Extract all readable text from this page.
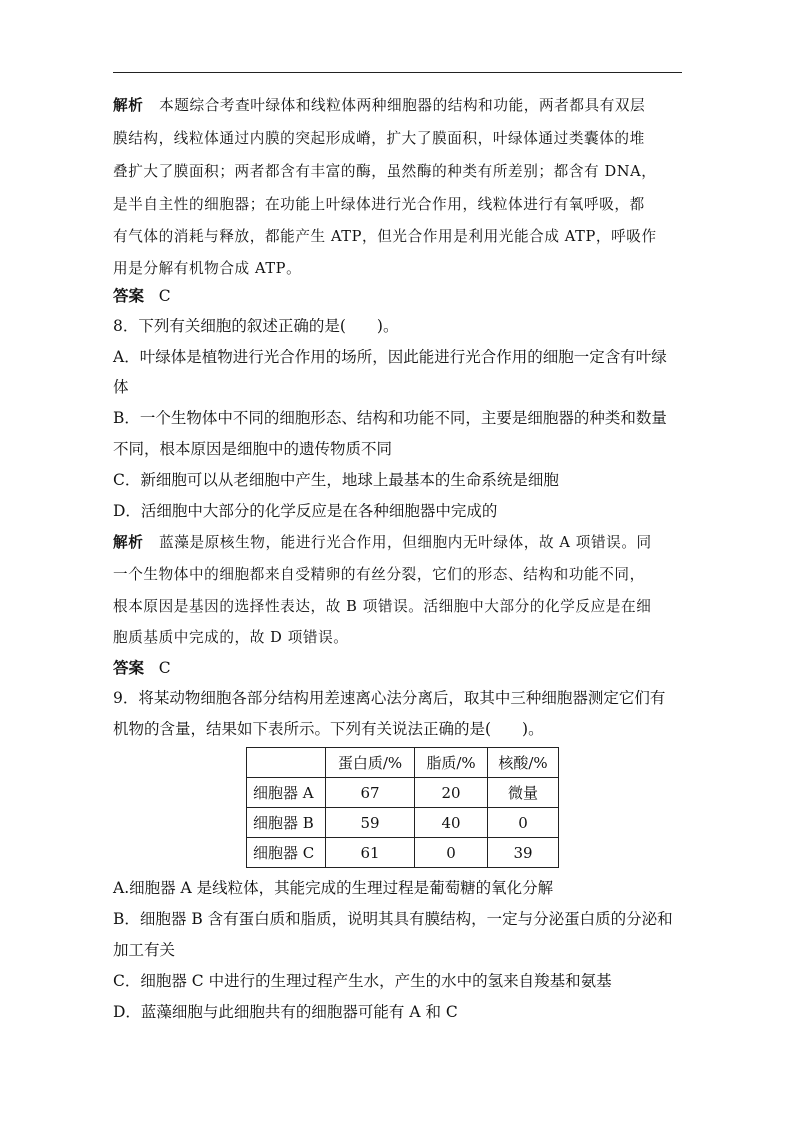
解析 本题综合考查叶绿体和线粒体两种细胞器的结构和功能，两者都具有双层
膜结构，线粒体通过内膜的突起形成嵴，扩大了膜面积，叶绿体通过类囊体的堆
叠扩大了膜面积；两者都含有丰富的酶，虽然酶的种类有所差别；都含有 DNA，
是半自主性的细胞器；在功能上叶绿体进行光合作用，线粒体进行有氧呼吸，都
有气体的消耗与释放，都能产生 ATP，但光合作用是利用光能合成 ATP，呼吸作
用是分解有机物合成 ATP。
答案 C
8．下列有关细胞的叙述正确的是(　　)。
A．叶绿体是植物进行光合作用的场所，因此能进行光合作用的细胞一定含有叶绿
体
B．一个生物体中不同的细胞形态、结构和功能不同，主要是细胞器的种类和数量
不同，根本原因是细胞中的遗传物质不同
C．新细胞可以从老细胞中产生，地球上最基本的生命系统是细胞
D．活细胞中大部分的化学反应是在各种细胞器中完成的
解析 蓝藻是原核生物，能进行光合作用，但细胞内无叶绿体，故 A 项错误。同
一个生物体中的细胞都来自受精卵的有丝分裂，它们的形态、结构和功能不同，
根本原因是基因的选择性表达，故 B 项错误。活细胞中大部分的化学反应是在细
胞质基质中完成的，故 D 项错误。
答案 C
9．将某动物细胞各部分结构用差速离心法分离后，取其中三种细胞器测定它们有
机物的含量，结果如下表所示。下列有关说法正确的是(　　)。
	蛋白质/%	脂质/%	核酸/%
细胞器 A	67	20	微量
细胞器 B	59	40	0
细胞器 C	61	0	39
A.细胞器 A 是线粒体，其能完成的生理过程是葡萄糖的氧化分解
B．细胞器 B 含有蛋白质和脂质，说明其具有膜结构，一定与分泌蛋白质的分泌和
加工有关
C．细胞器 C 中进行的生理过程产生水，产生的水中的氢来自羧基和氨基
D．蓝藻细胞与此细胞共有的细胞器可能有 A 和 C
